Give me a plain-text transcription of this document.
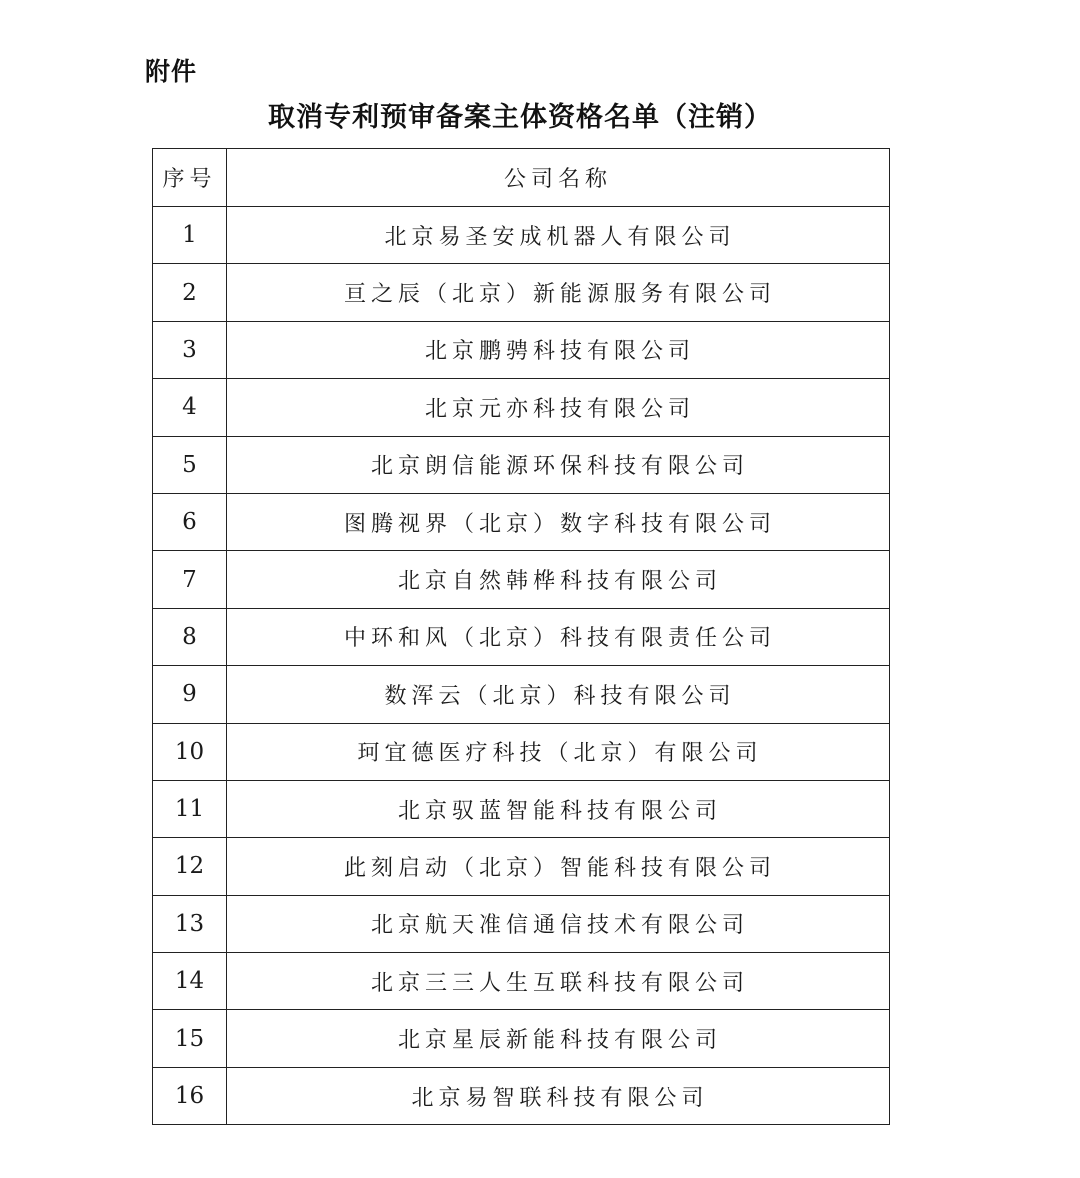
附件
取消专利预审备案主体资格名单（注销）
序号	公司名称
1	北京易圣安成机器人有限公司
2	亘之辰（北京）新能源服务有限公司
3	北京鹏骋科技有限公司
4	北京元亦科技有限公司
5	北京朗信能源环保科技有限公司
6	图腾视界（北京）数字科技有限公司
7	北京自然韩桦科技有限公司
8	中环和风（北京）科技有限责任公司
9	数浑云（北京）科技有限公司
10	珂宜德医疗科技（北京）有限公司
11	北京驭蓝智能科技有限公司
12	此刻启动（北京）智能科技有限公司
13	北京航天准信通信技术有限公司
14	北京三三人生互联科技有限公司
15	北京星辰新能科技有限公司
16	北京易智联科技有限公司
